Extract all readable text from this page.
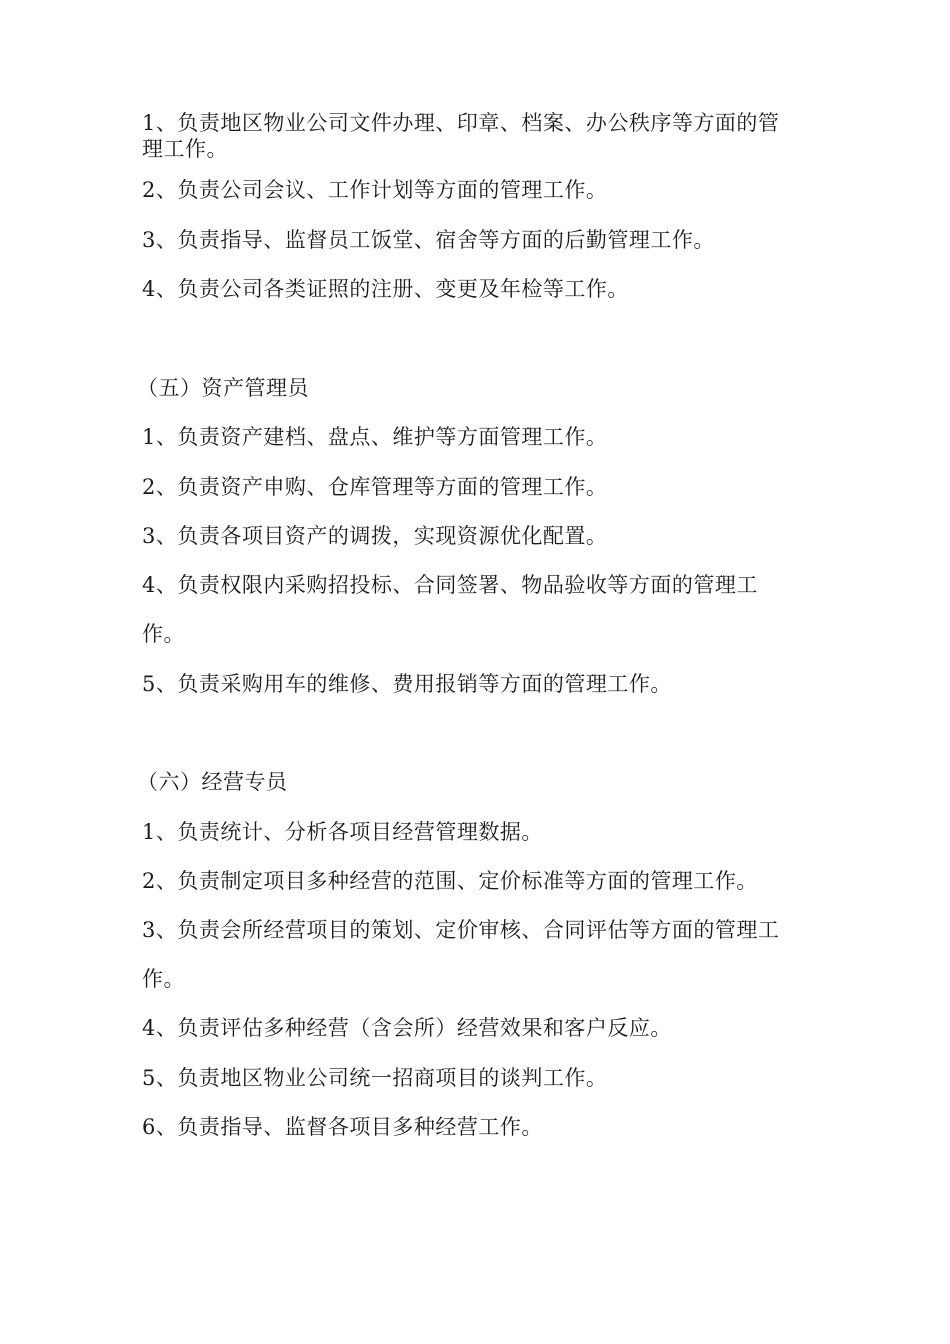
1、负责地区物业公司文件办理、印章、档案、办公秩序等方面的管
理工作。
2、负责公司会议、工作计划等方面的管理工作。
3、负责指导、监督员工饭堂、宿舍等方面的后勤管理工作。
4、负责公司各类证照的注册、变更及年检等工作。
（五）资产管理员
1、负责资产建档、盘点、维护等方面管理工作。
2、负责资产申购、仓库管理等方面的管理工作。
3、负责各项目资产的调拨，实现资源优化配置。
4、负责权限内采购招投标、合同签署、物品验收等方面的管理工
作。
5、负责采购用车的维修、费用报销等方面的管理工作。
（六）经营专员
1、负责统计、分析各项目经营管理数据。
2、负责制定项目多种经营的范围、定价标准等方面的管理工作。
3、负责会所经营项目的策划、定价审核、合同评估等方面的管理工
作。
4、负责评估多种经营（含会所）经营效果和客户反应。
5、负责地区物业公司统一招商项目的谈判工作。
6、负责指导、监督各项目多种经营工作。
